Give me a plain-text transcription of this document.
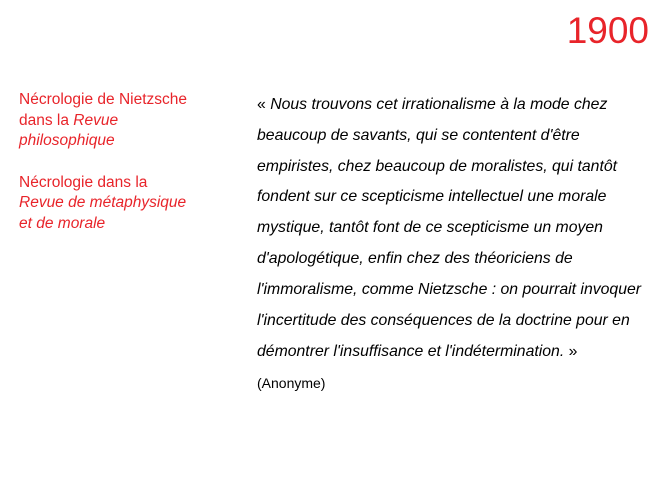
1900

Nécrologie de Nietzsche dans la Revue philosophique

Nécrologie dans la Revue de métaphysique et de morale

« Nous trouvons cet irrationalisme à la mode chez beaucoup de savants, qui se contentent d'être empiristes, chez beaucoup de moralistes, qui tantôt fondent sur ce scepticisme intellectuel une morale mystique, tantôt font de ce scepticisme un moyen d'apologétique, enfin chez des théoriciens de l'immoralisme, comme Nietzsche : on pourrait invoquer l'incertitude des conséquences de la doctrine pour en démontrer l'insuffisance et l'indétermination. » (Anonyme)
